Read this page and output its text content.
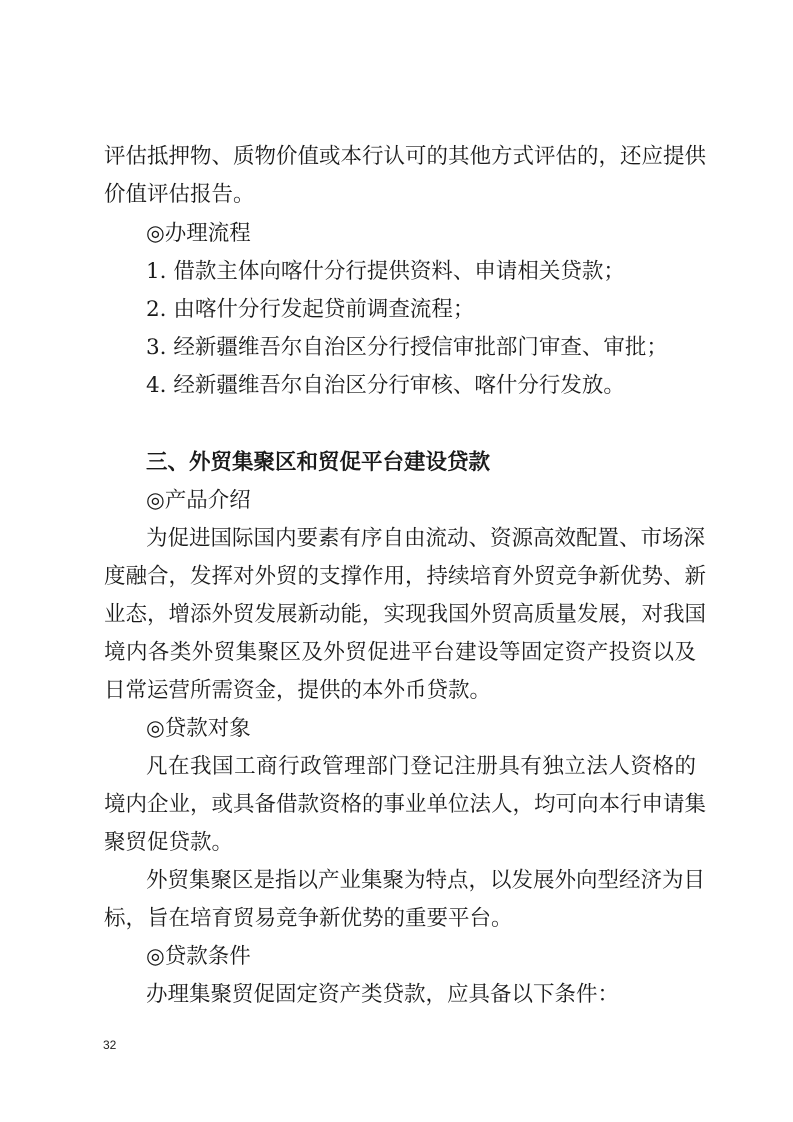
评估抵押物、质物价值或本行认可的其他方式评估的，还应提供

价值评估报告。

◎办理流程

1. 借款主体向喀什分行提供资料、申请相关贷款；

2. 由喀什分行发起贷前调查流程；

3. 经新疆维吾尔自治区分行授信审批部门审查、审批；

4. 经新疆维吾尔自治区分行审核、喀什分行发放。

三、外贸集聚区和贸促平台建设贷款

◎产品介绍

为促进国际国内要素有序自由流动、资源高效配置、市场深

度融合，发挥对外贸的支撑作用，持续培育外贸竞争新优势、新

业态，增添外贸发展新动能，实现我国外贸高质量发展，对我国

境内各类外贸集聚区及外贸促进平台建设等固定资产投资以及

日常运营所需资金，提供的本外币贷款。

◎贷款对象

凡在我国工商行政管理部门登记注册具有独立法人资格的

境内企业，或具备借款资格的事业单位法人，均可向本行申请集

聚贸促贷款。

外贸集聚区是指以产业集聚为特点，以发展外向型经济为目

标，旨在培育贸易竞争新优势的重要平台。

◎贷款条件

办理集聚贸促固定资产类贷款，应具备以下条件：

32
